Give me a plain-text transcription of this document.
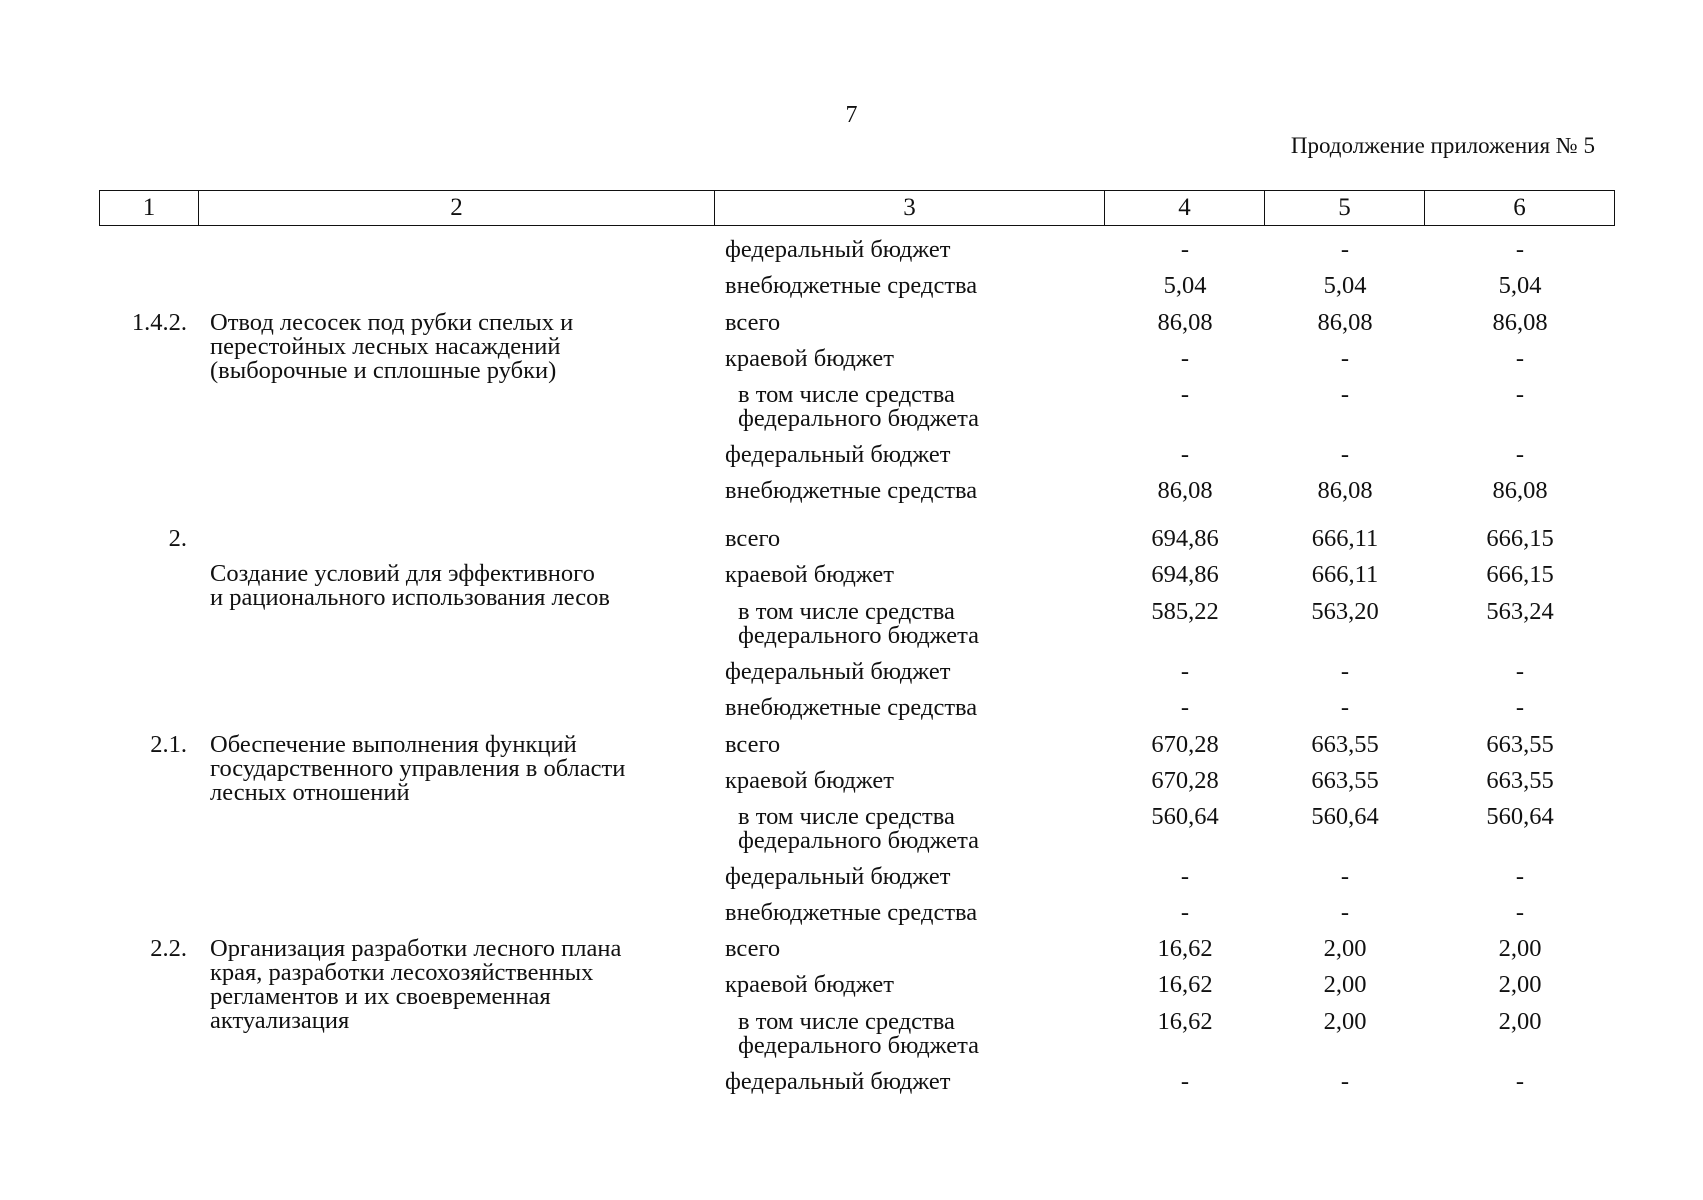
7
Продолжение приложения № 5
1	2	3	4	5	6
федеральный бюджет	-	-	-
внебюджетные средства	5,04	5,04	5,04
1.4.2. Отвод лесосек под рубки спелых и
перестойных лесных насаждений
(выборочные и сплошные рубки)
всего	86,08	86,08	86,08
краевой бюджет	-	-	-
в том числе средства
федерального бюджета
-	-	-
федеральный бюджет	-	-	-
внебюджетные средства	86,08	86,08	86,08
2.
Создание условий для эффективного
и рационального использования лесов
всего	694,86	666,11	666,15
краевой бюджет	694,86	666,11	666,15
в том числе средства
федерального бюджета
585,22	563,20	563,24
федеральный бюджет	-	-	-
внебюджетные средства	-	-	-
2.1. Обеспечение выполнения функций
государственного управления в области
лесных отношений
всего	670,28	663,55	663,55
краевой бюджет	670,28	663,55	663,55
в том числе средства
федерального бюджета
560,64	560,64	560,64
федеральный бюджет	-	-	-
внебюджетные средства	-	-	-
2.2. Организация разработки лесного плана
края, разработки лесохозяйственных
регламентов и их своевременная
актуализация
всего	16,62	2,00	2,00
краевой бюджет	16,62	2,00	2,00
в том числе средства
федерального бюджета
16,62	2,00	2,00
федеральный бюджет	-	-	-
